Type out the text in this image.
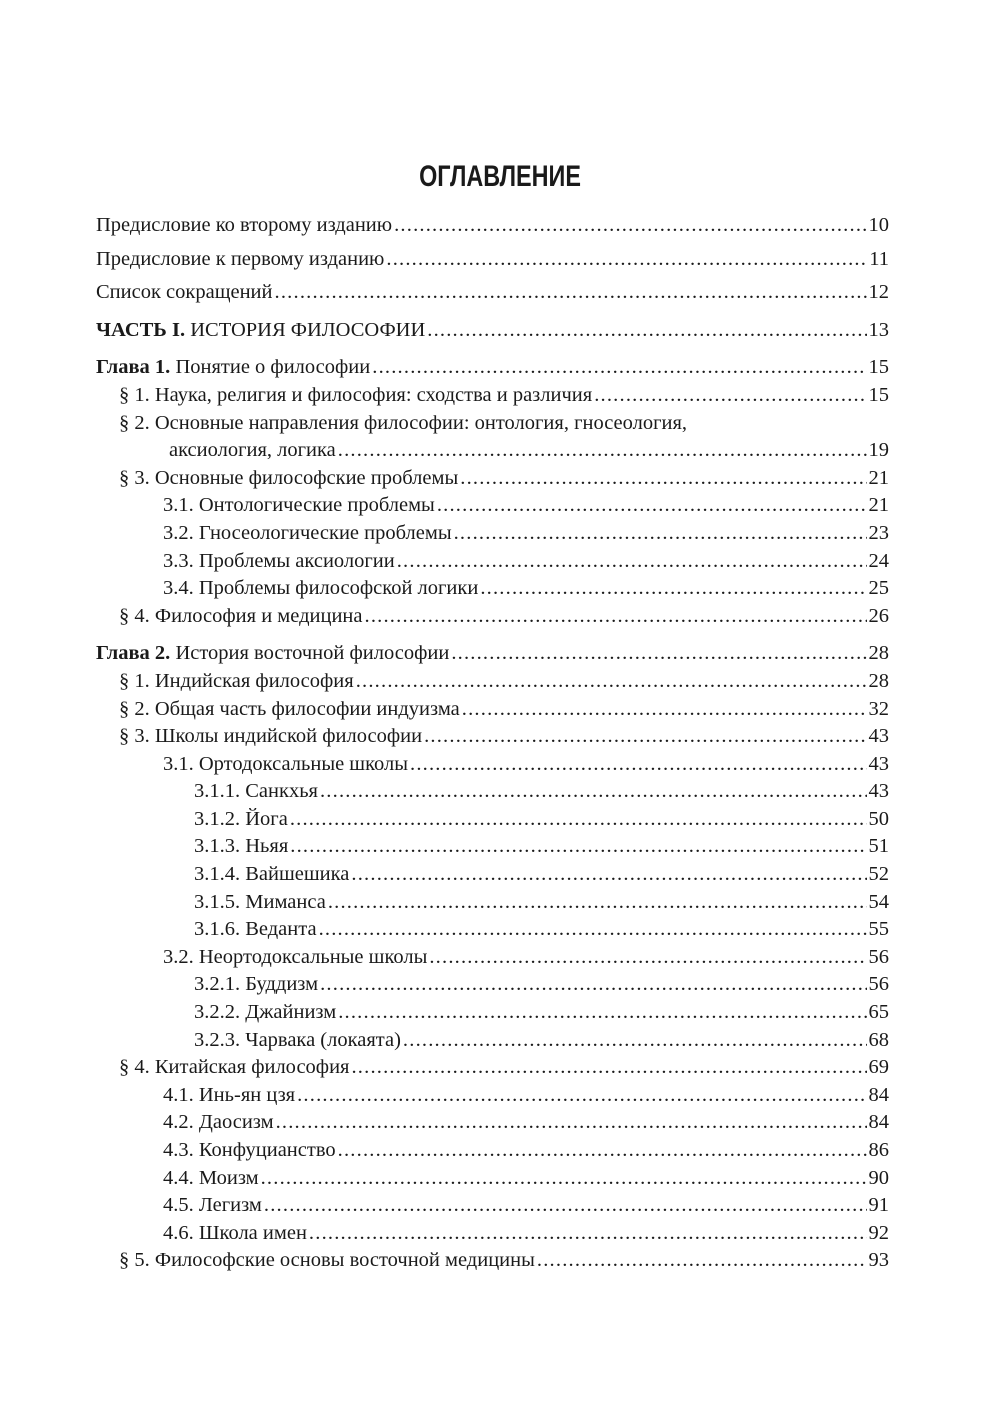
ОГЛАВЛЕНИЕ
Предисловие ко второму изданию .....	10
Предисловие к первому изданию .....	11
Список сокращений .....	12
ЧАСТЬ I. ИСТОРИЯ ФИЛОСОФИИ .....	13
Глава 1. Понятие о философии .....	15
§ 1. Наука, религия и философия: сходства и различия .....	15
§ 2. Основные направления философии: онтология, гносеология,
аксиология, логика .....	19
§ 3. Основные философские проблемы .....	21
3.1. Онтологические проблемы .....	21
3.2. Гносеологические проблемы .....	23
3.3. Проблемы аксиологии .....	24
3.4. Проблемы философской логики .....	25
§ 4. Философия и медицина .....	26
Глава 2. История восточной философии .....	28
§ 1. Индийская философия .....	28
§ 2. Общая часть философии индуизма .....	32
§ 3. Школы индийской философии .....	43
3.1. Ортодоксальные школы .....	43
3.1.1. Санкхья .....	43
3.1.2. Йога .....	50
3.1.3. Ньяя .....	51
3.1.4. Вайшешика .....	52
3.1.5. Миманса .....	54
3.1.6. Веданта .....	55
3.2. Неортодоксальные школы .....	56
3.2.1. Буддизм .....	56
3.2.2. Джайнизм .....	65
3.2.3. Чарвака (локаята) .....	68
§ 4. Китайская философия .....	69
4.1. Инь-ян цзя .....	84
4.2. Даосизм .....	84
4.3. Конфуцианство .....	86
4.4. Моизм .....	90
4.5. Легизм .....	91
4.6. Школа имен .....	92
§ 5. Философские основы восточной медицины .....	93
